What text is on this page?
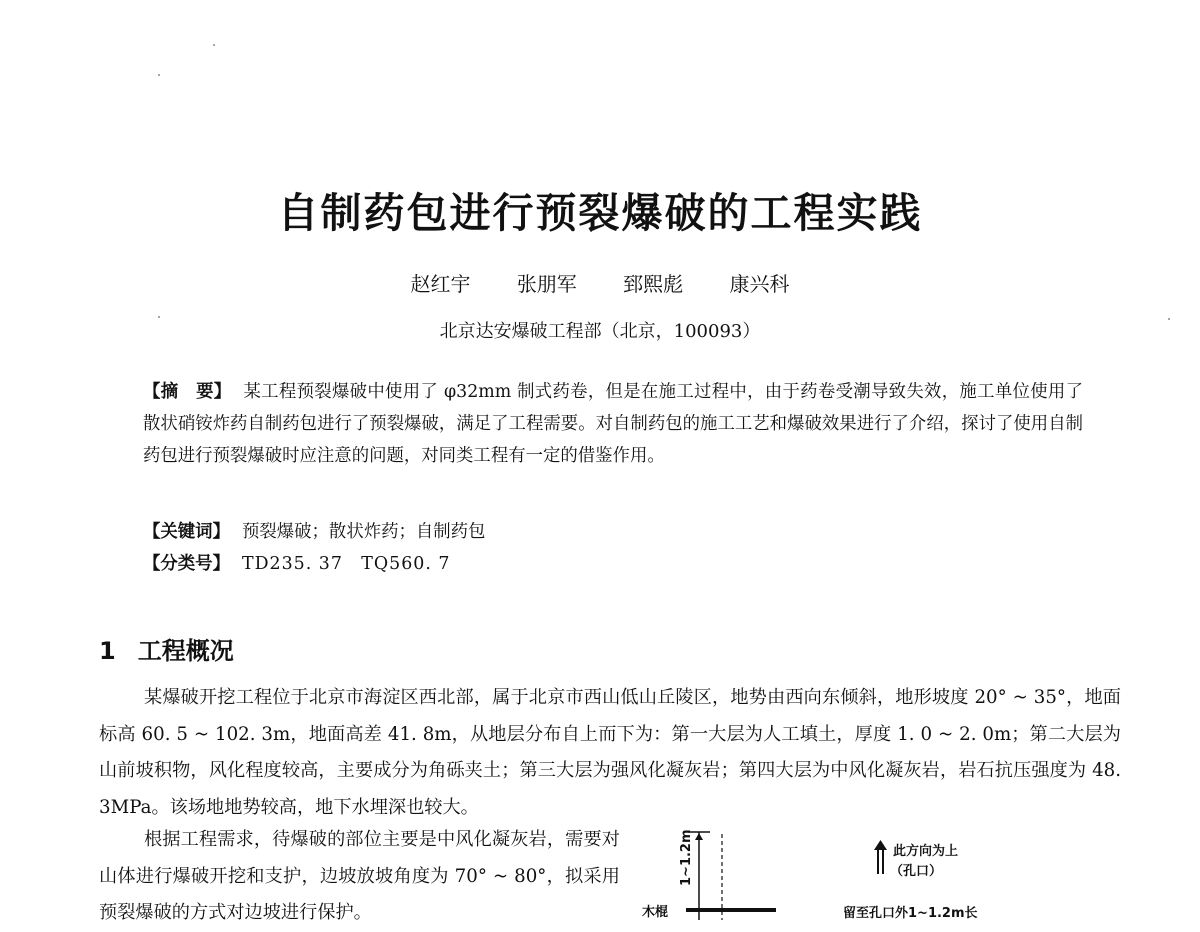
自制药包进行预裂爆破的工程实践
赵红宇 张朋军 郅熙彪 康兴科
北京达安爆破工程部（北京，100093）
【摘　要】 某工程预裂爆破中使用了 φ32mm 制式药卷，但是在施工过程中，由于药卷受潮导致失效，施工单位使用了散状硝铵炸药自制药包进行了预裂爆破，满足了工程需要。对自制药包的施工工艺和爆破效果进行了介绍，探讨了使用自制药包进行预裂爆破时应注意的问题，对同类工程有一定的借鉴作用。
【关键词】 预裂爆破；散状炸药；自制药包
【分类号】 TD235. 37　TQ560. 7
1 工程概况
某爆破开挖工程位于北京市海淀区西北部，属于北京市西山低山丘陵区，地势由西向东倾斜，地形坡度 20° ~ 35°，地面标高 60. 5 ~ 102. 3m，地面高差 41. 8m，从地层分布自上而下为：第一大层为人工填土，厚度 1. 0 ~ 2. 0m；第二大层为山前坡积物，风化程度较高，主要成分为角砾夹土；第三大层为强风化凝灰岩；第四大层为中风化凝灰岩，岩石抗压强度为 48. 3MPa。该场地地势较高，地下水埋深也较大。
根据工程需求，待爆破的部位主要是中风化凝灰岩，需要对山体进行爆破开挖和支护，边坡放坡角度为 70° ~ 80°，拟采用预裂爆破的方式对边坡进行保护。
1~1.2m
木棍
此方向为上
（孔口）
留至孔口外1~1.2m长
